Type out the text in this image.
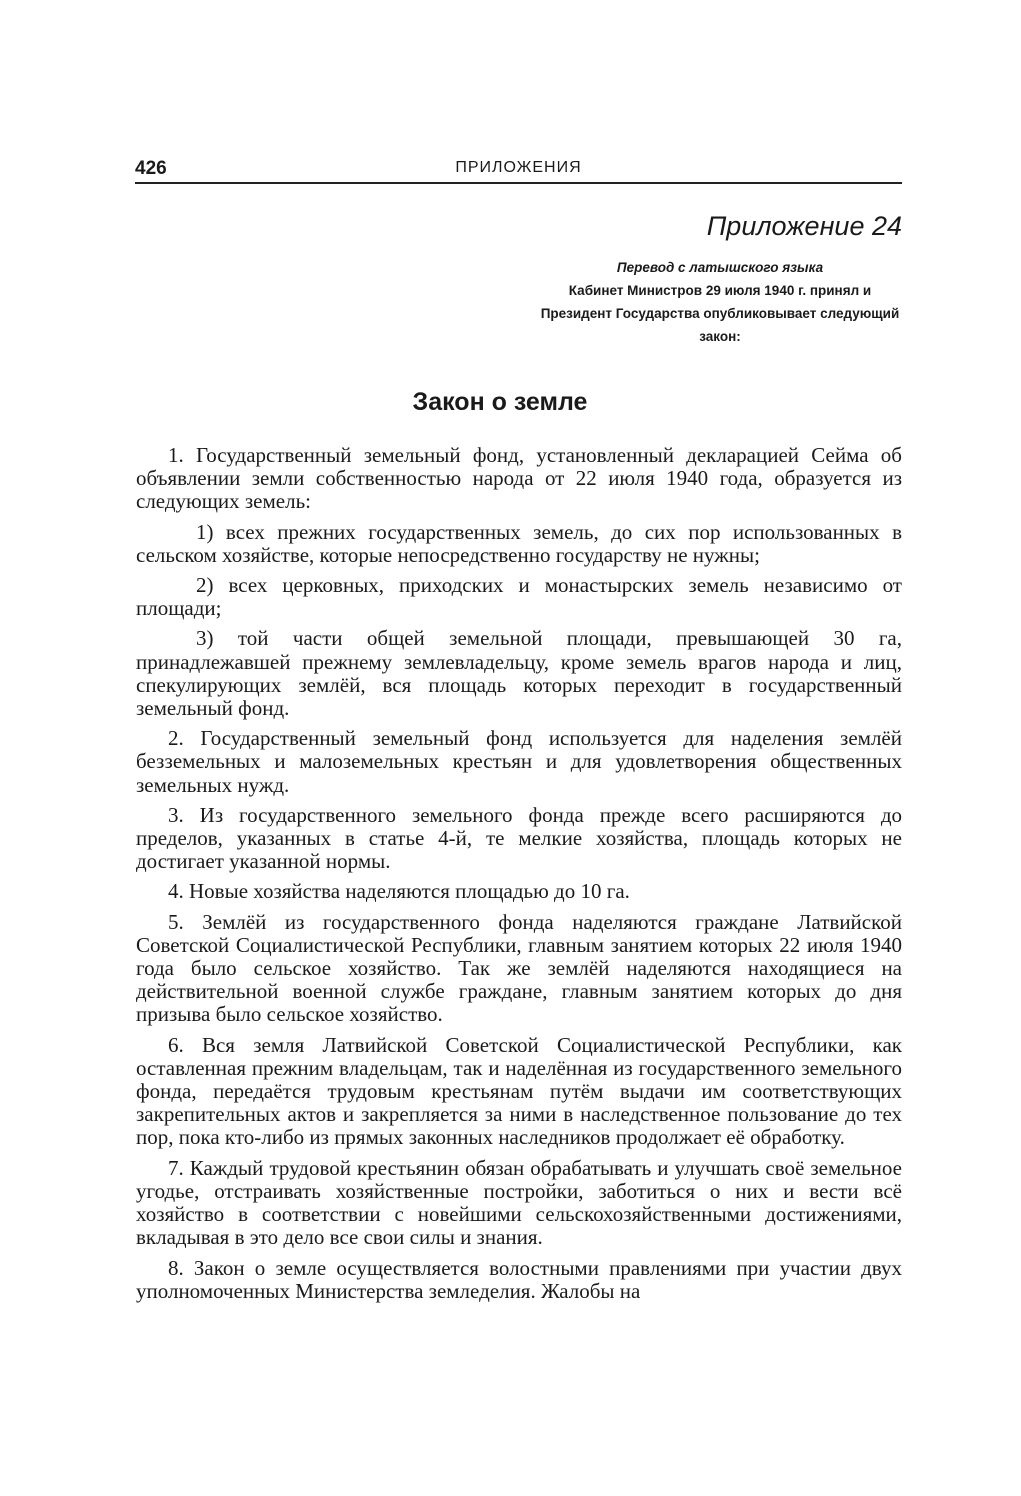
426	ПРИЛОЖЕНИЯ
Приложение 24
Перевод с латышского языка
Кабинет Министров 29 июля 1940 г. принял и Президент Государства опубликовывает следующий закон:
Закон о земле

1. Государственный земельный фонд, установленный декларацией Сейма об объявлении земли собственностью народа от 22 июля 1940 года, образуется из следующих земель:

1) всех прежних государственных земель, до сих пор использованных в сельском хозяйстве, которые непосредственно государству не нужны;

2) всех церковных, приходских и монастырских земель независимо от площади;

3) той части общей земельной площади, превышающей 30 га, принадлежавшей прежнему землевладельцу, кроме земель врагов народа и лиц, спекулирующих землёй, вся площадь которых переходит в государственный земельный фонд.

2. Государственный земельный фонд используется для наделения землёй безземельных и малоземельных крестьян и для удовлетворения общественных земельных нужд.

3. Из государственного земельного фонда прежде всего расширяются до пределов, указанных в статье 4-й, те мелкие хозяйства, площадь которых не достигает указанной нормы.

4. Новые хозяйства наделяются площадью до 10 га.

5. Землёй из государственного фонда наделяются граждане Латвийской Советской Социалистической Республики, главным занятием которых 22 июля 1940 года было сельское хозяйство. Так же землёй наделяются находящиеся на действительной военной службе граждане, главным занятием которых до дня призыва было сельское хозяйство.

6. Вся земля Латвийской Советской Социалистической Республики, как оставленная прежним владельцам, так и наделённая из государственного земельного фонда, передаётся трудовым крестьянам путём выдачи им соответствующих закрепительных актов и закрепляется за ними в наследственное пользование до тех пор, пока кто-либо из прямых законных наследников продолжает её обработку.

7. Каждый трудовой крестьянин обязан обрабатывать и улучшать своё земельное угодье, отстраивать хозяйственные постройки, заботиться о них и вести всё хозяйство в соответствии с новейшими сельскохозяйственными достижениями, вкладывая в это дело все свои силы и знания.

8. Закон о земле осуществляется волостными правлениями при участии двух уполномоченных Министерства земледелия. Жалобы на
